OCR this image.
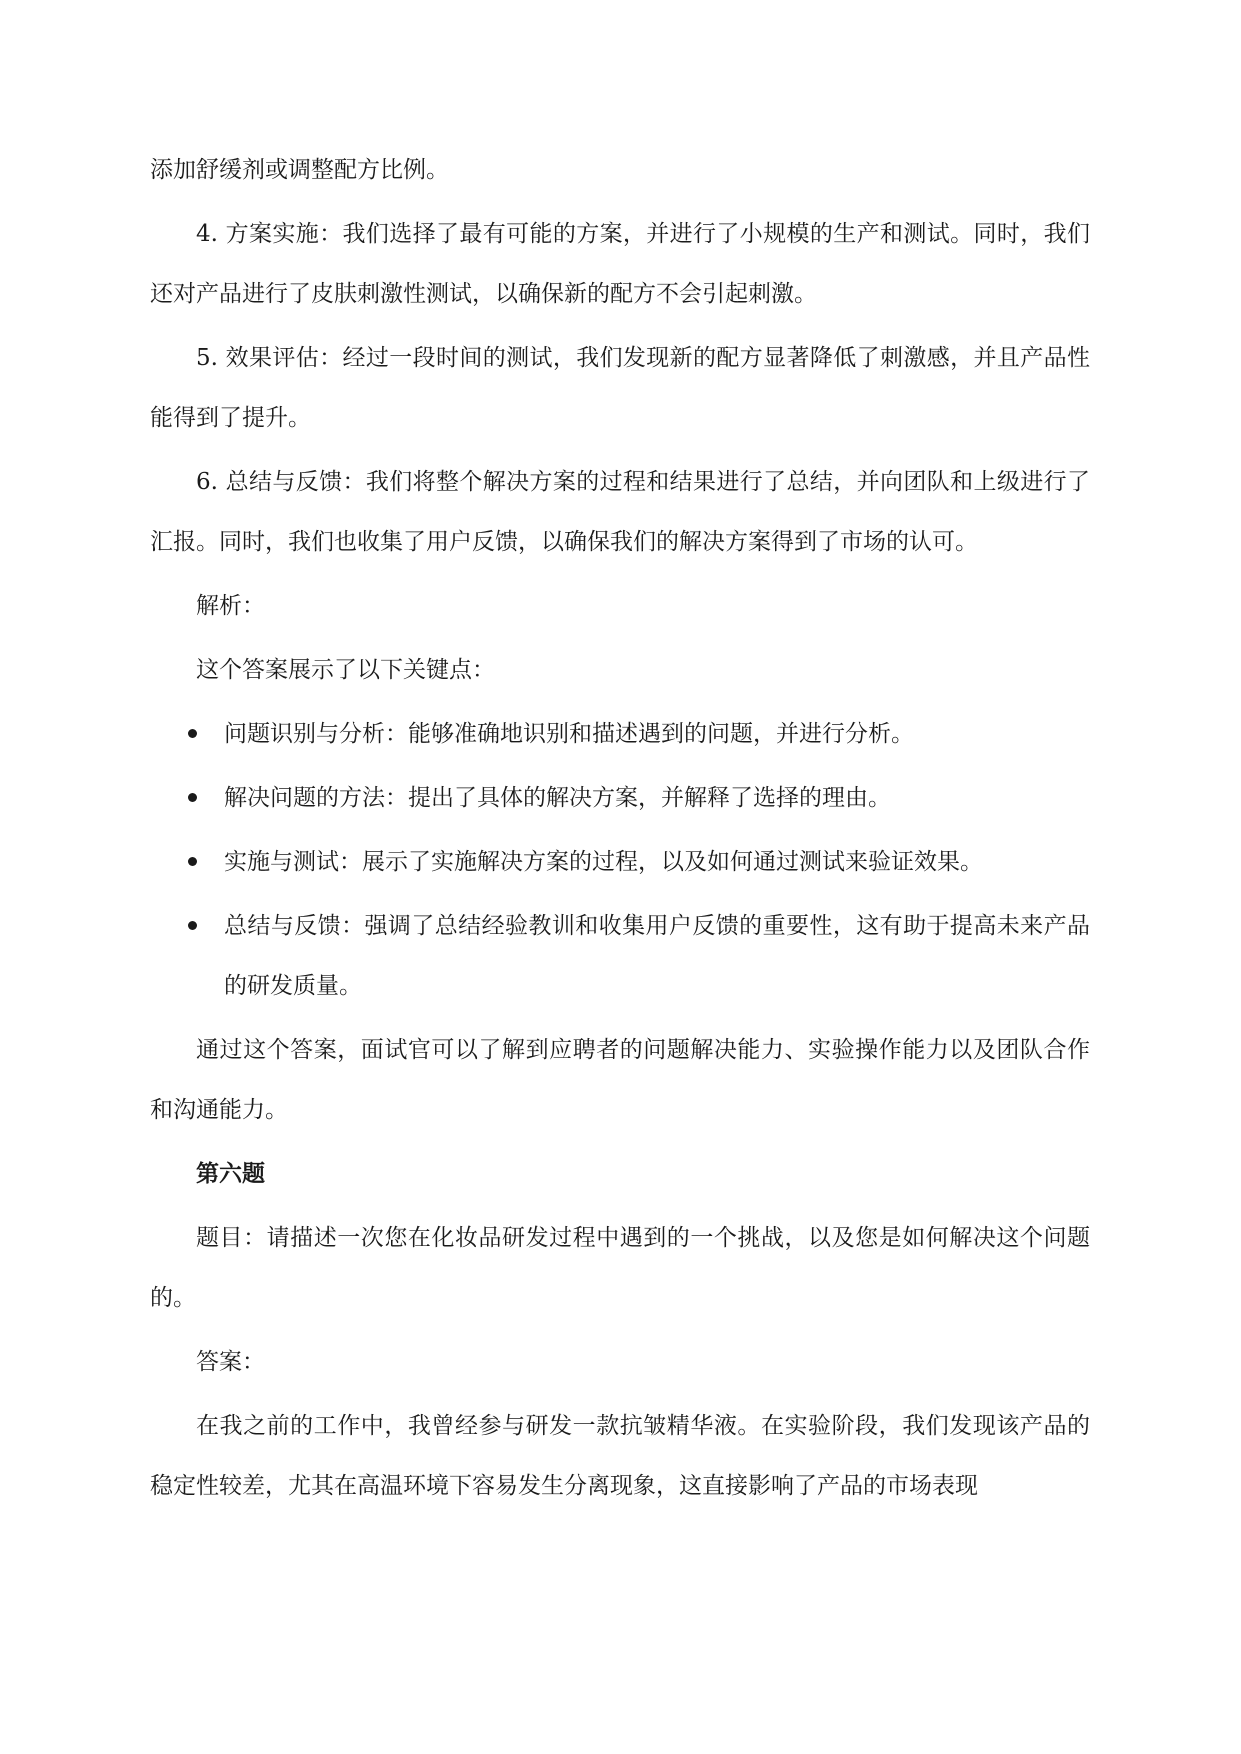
添加舒缓剂或调整配方比例。

4. 方案实施：我们选择了最有可能的方案，并进行了小规模的生产和测试。同时，我们还对产品进行了皮肤刺激性测试，以确保新的配方不会引起刺激。

5. 效果评估：经过一段时间的测试，我们发现新的配方显著降低了刺激感，并且产品性能得到了提升。

6. 总结与反馈：我们将整个解决方案的过程和结果进行了总结，并向团队和上级进行了汇报。同时，我们也收集了用户反馈，以确保我们的解决方案得到了市场的认可。

解析：

这个答案展示了以下关键点：

问题识别与分析：能够准确地识别和描述遇到的问题，并进行分析。
解决问题的方法：提出了具体的解决方案，并解释了选择的理由。
实施与测试：展示了实施解决方案的过程，以及如何通过测试来验证效果。
总结与反馈：强调了总结经验教训和收集用户反馈的重要性，这有助于提高未来产品的研发质量。

通过这个答案，面试官可以了解到应聘者的问题解决能力、实验操作能力以及团队合作和沟通能力。

第六题

题目：请描述一次您在化妆品研发过程中遇到的一个挑战，以及您是如何解决这个问题的。

答案：

在我之前的工作中，我曾经参与研发一款抗皱精华液。在实验阶段，我们发现该产品的稳定性较差，尤其在高温环境下容易发生分离现象，这直接影响了产品的市场表现
